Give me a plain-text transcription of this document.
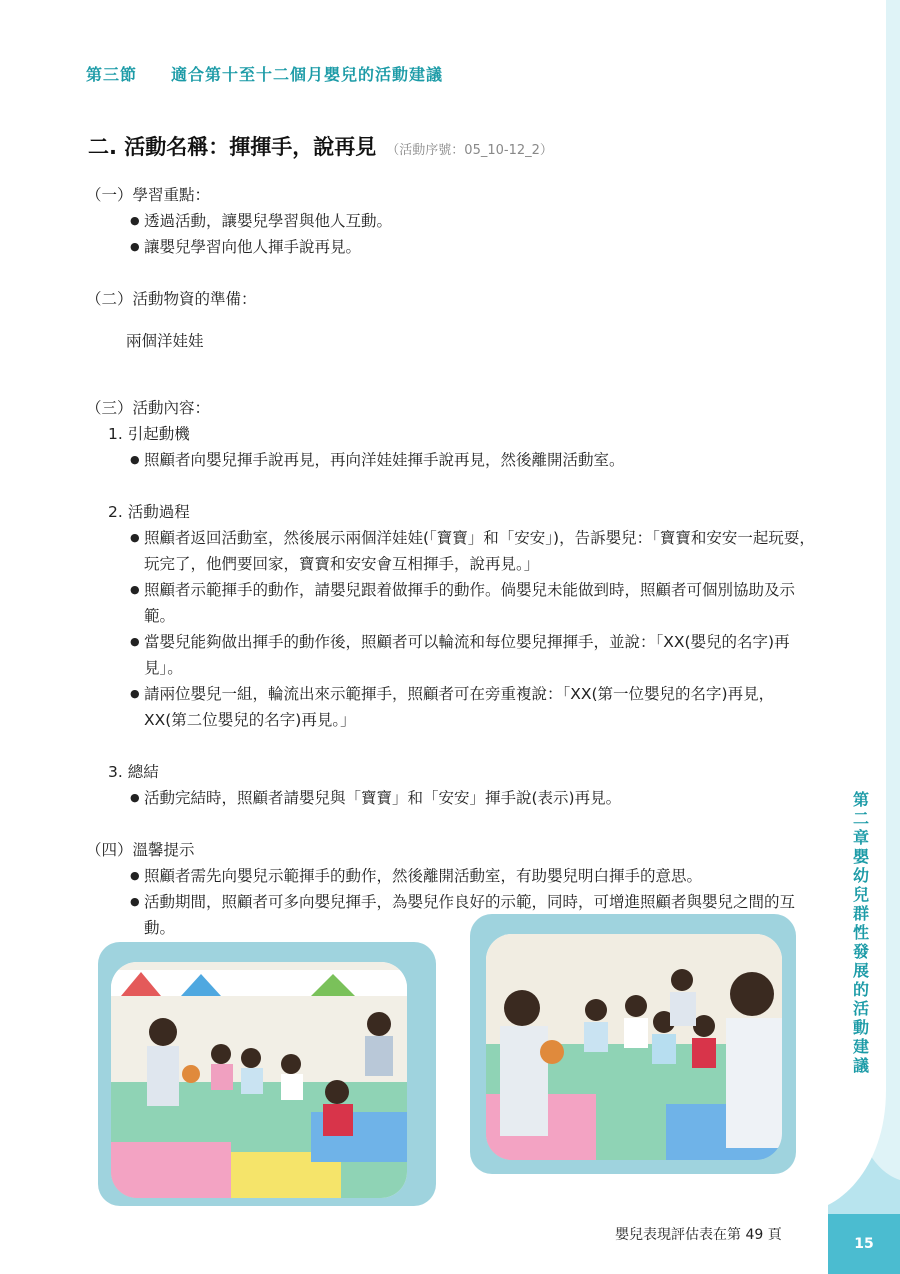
第三節 適合第十至十二個月嬰兒的活動建議
二. 活動名稱：揮揮手，說再見 （活動序號：05_10-12_2）

（一）學習重點：

● 透過活動，讓嬰兒學習與他人互動。

● 讓嬰兒學習向他人揮手說再見。

（二）活動物資的準備：

兩個洋娃娃

（三）活動內容：

1. 引起動機

● 照顧者向嬰兒揮手說再見，再向洋娃娃揮手說再見，然後離開活動室。

2. 活動過程

● 照顧者返回活動室，然後展示兩個洋娃娃(「寶寶」和「安安」)，告訴嬰兒：「寶寶和安安一起玩耍，玩完了，他們要回家，寶寶和安安會互相揮手，說再見。」

● 照顧者示範揮手的動作，請嬰兒跟着做揮手的動作。倘嬰兒未能做到時，照顧者可個別協助及示範。

● 當嬰兒能夠做出揮手的動作後，照顧者可以輪流和每位嬰兒揮揮手，並說：「XX(嬰兒的名字)再見」。

● 請兩位嬰兒一組，輪流出來示範揮手，照顧者可在旁重複說：「XX(第一位嬰兒的名字)再見， XX(第二位嬰兒的名字)再見。」

3. 總結

● 活動完結時，照顧者請嬰兒與「寶寶」和「安安」揮手說(表示)再見。

（四）溫馨提示

● 照顧者需先向嬰兒示範揮手的動作，然後離開活動室，有助嬰兒明白揮手的意思。

● 活動期間，照顧者可多向嬰兒揮手，為嬰兒作良好的示範，同時，可增進照顧者與嬰兒之間的互動。

第二章 嬰幼兒群性發展的活動建議
15
嬰兒表現評估表在第 49 頁
